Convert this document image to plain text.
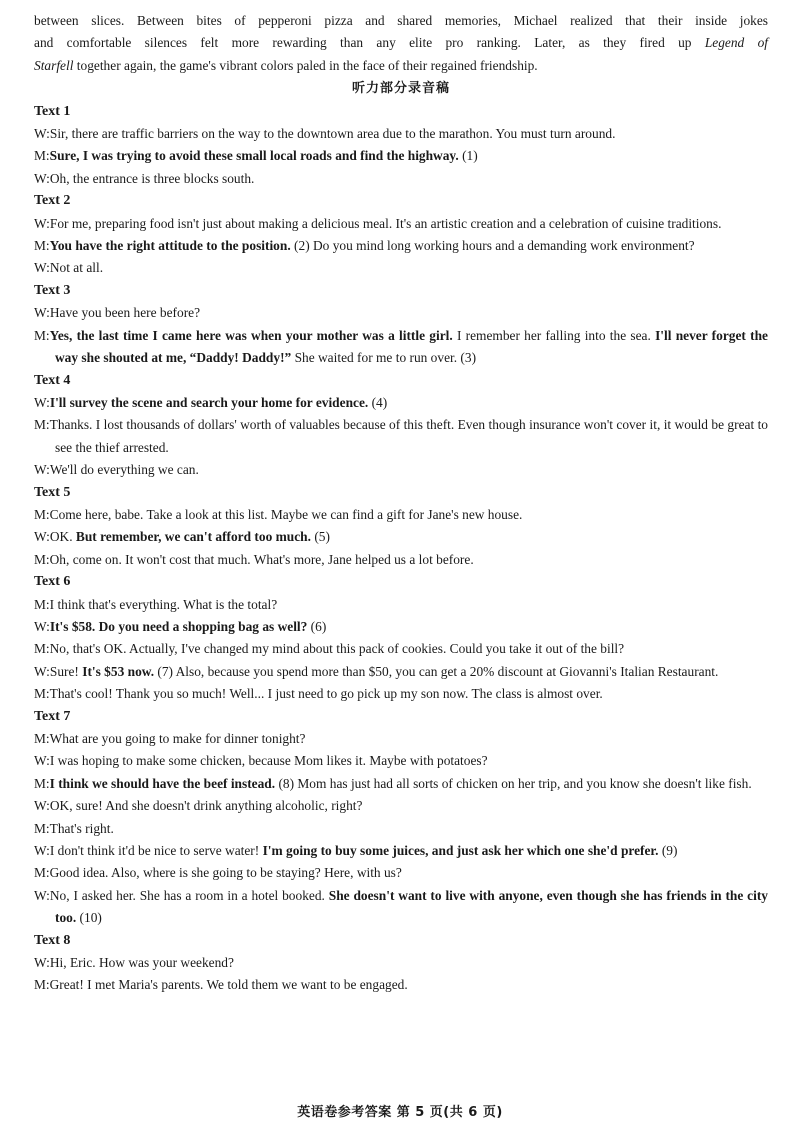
between slices. Between bites of pepperoni pizza and shared memories, Michael realized that their inside jokes
and comfortable silences felt more rewarding than any elite pro ranking. Later, as they fired up Legend of
Starfell together again, the game's vibrant colors paled in the face of their regained friendship.
听力部分录音稿
Text 1
W:Sir, there are traffic barriers on the way to the downtown area due to the marathon. You must turn around.
M:Sure, I was trying to avoid these small local roads and find the highway. (1)
W:Oh, the entrance is three blocks south.
Text 2
W:For me, preparing food isn't just about making a delicious meal. It's an artistic creation and a celebration of cuisine traditions.
M:You have the right attitude to the position. (2) Do you mind long working hours and a demanding work environment?
W:Not at all.
Text 3
W:Have you been here before?
M:Yes, the last time I came here was when your mother was a little girl. I remember her falling into the sea. I'll never forget the way she shouted at me, “Daddy! Daddy!” She waited for me to run over. (3)
Text 4
W:I'll survey the scene and search your home for evidence. (4)
M:Thanks. I lost thousands of dollars' worth of valuables because of this theft. Even though insurance won't cover it, it would be great to see the thief arrested.
W:We'll do everything we can.
Text 5
M:Come here, babe. Take a look at this list. Maybe we can find a gift for Jane's new house.
W:OK. But remember, we can't afford too much. (5)
M:Oh, come on. It won't cost that much. What's more, Jane helped us a lot before.
Text 6
M:I think that's everything. What is the total?
W:It's $58. Do you need a shopping bag as well? (6)
M:No, that's OK. Actually, I've changed my mind about this pack of cookies. Could you take it out of the bill?
W:Sure! It's $53 now. (7) Also, because you spend more than $50, you can get a 20% discount at Giovanni's Italian Restaurant.
M:That's cool! Thank you so much! Well... I just need to go pick up my son now. The class is almost over.
Text 7
M:What are you going to make for dinner tonight?
W:I was hoping to make some chicken, because Mom likes it. Maybe with potatoes?
M:I think we should have the beef instead. (8) Mom has just had all sorts of chicken on her trip, and you know she doesn't like fish.
W:OK, sure! And she doesn't drink anything alcoholic, right?
M:That's right.
W:I don't think it'd be nice to serve water! I'm going to buy some juices, and just ask her which one she'd prefer. (9)
M:Good idea. Also, where is she going to be staying? Here, with us?
W:No, I asked her. She has a room in a hotel booked. She doesn't want to live with anyone, even though she has friends in the city too. (10)
Text 8
W:Hi, Eric. How was your weekend?
M:Great! I met Maria's parents. We told them we want to be engaged.
英语卷参考答案 第 5 页(共 6 页)
